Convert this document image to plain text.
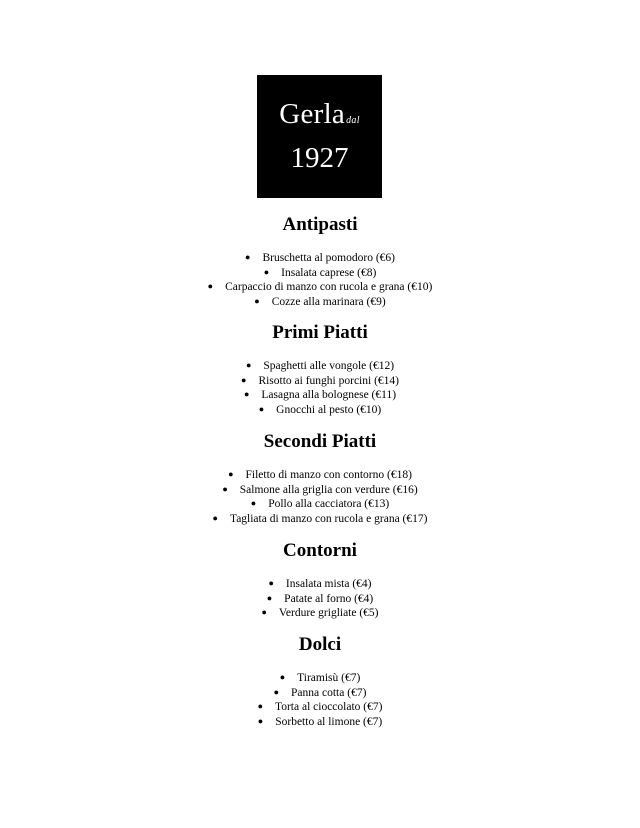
Gerladal
1927
Antipasti
● Bruschetta al pomodoro (€6)
● Insalata caprese (€8)
● Carpaccio di manzo con rucola e grana (€10)
● Cozze alla marinara (€9)
Primi Piatti
● Spaghetti alle vongole (€12)
● Risotto ai funghi porcini (€14)
● Lasagna alla bolognese (€11)
● Gnocchi al pesto (€10)
Secondi Piatti
● Filetto di manzo con contorno (€18)
● Salmone alla griglia con verdure (€16)
● Pollo alla cacciatora (€13)
● Tagliata di manzo con rucola e grana (€17)
Contorni
● Insalata mista (€4)
● Patate al forno (€4)
● Verdure grigliate (€5)
Dolci
● Tiramisù (€7)
● Panna cotta (€7)
● Torta al cioccolato (€7)
● Sorbetto al limone (€7)
